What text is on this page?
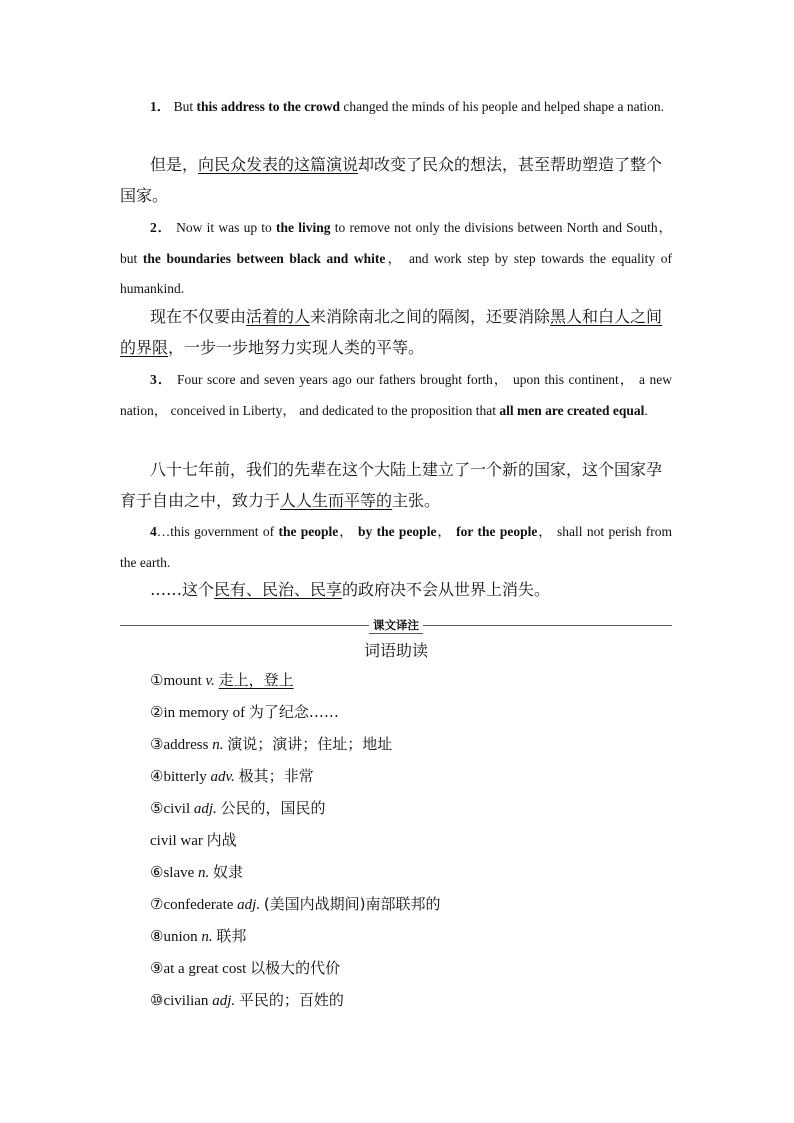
1． But this address to the crowd changed the minds of his people and helped shape a nation.
但是，向民众发表的这篇演说却改变了民众的想法，甚至帮助塑造了整个国家。
2． Now it was up to the living to remove not only the divisions between North and South， but the boundaries between black and white， and work step by step towards the equality of humankind.
现在不仅要由活着的人来消除南北之间的隔阂，还要消除黑人和白人之间的界限，一步一步地努力实现人类的平等。
3． Four score and seven years ago our fathers brought forth， upon this continent， a new nation， conceived in Liberty， and dedicated to the proposition that all men are created equal.
八十七年前，我们的先辈在这个大陆上建立了一个新的国家，这个国家孕育于自由之中，致力于人人生而平等的主张。
4…this government of the people， by the people， for the people， shall not perish from the earth.
……这个民有、民治、民享的政府决不会从世界上消失。
课文译注
词语助读
①mount v. 走上，登上
②in memory of 为了纪念……
③address n. 演说；演讲；住址；地址
④bitterly adv. 极其；非常
⑤civil adj. 公民的，国民的
civil war 内战
⑥slave n. 奴隶
⑦confederate adj. (美国内战期间)南部联邦的
⑧union n. 联邦
⑨at a great cost 以极大的代价
⑩civilian adj. 平民的；百姓的
